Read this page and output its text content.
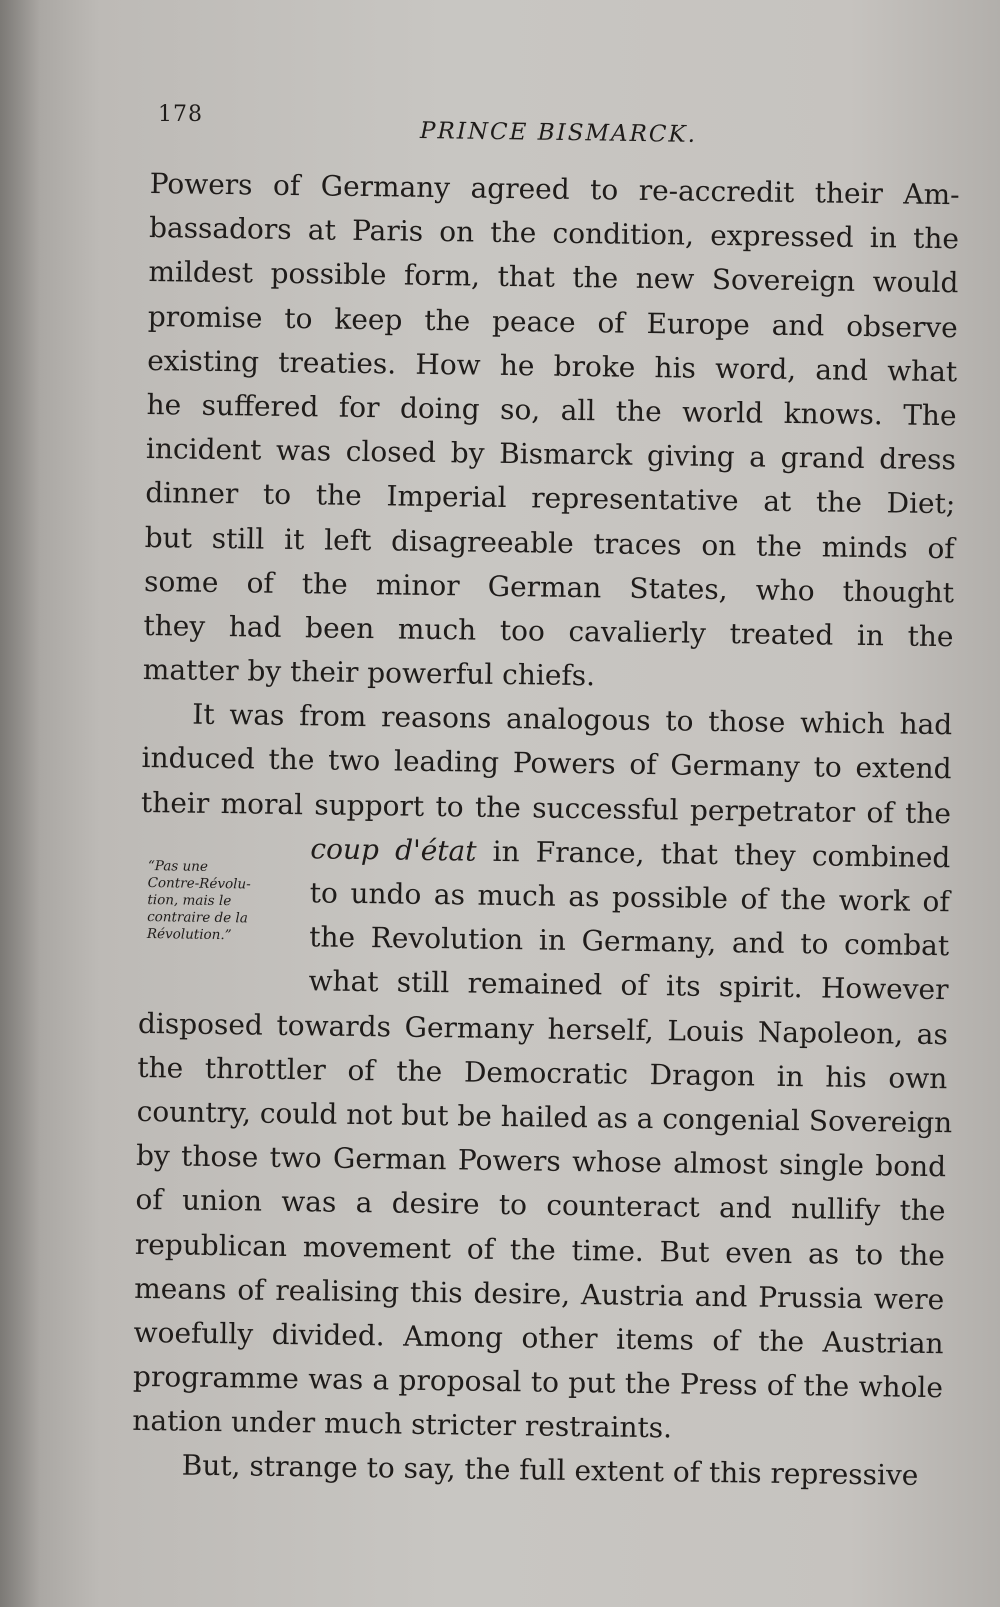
178
PRINCE BISMARCK.
Powers of Germany agreed to re-accredit their Am-
bassadors at Paris on the condition, expressed in the
mildest possible form, that the new Sovereign would
promise to keep the peace of Europe and observe
existing treaties. How he broke his word, and what
he suffered for doing so, all the world knows. The
incident was closed by Bismarck giving a grand dress
dinner to the Imperial representative at the Diet;
but still it left disagreeable traces on the minds of
some of the minor German States, who thought
they had been much too cavalierly treated in the
matter by their powerful chiefs.
It was from reasons analogous to those which had
induced the two leading Powers of Germany to extend
their moral support to the successful perpetrator of the
coup d'état in France, that they combined
to undo as much as possible of the work of
the Revolution in Germany, and to combat
what still remained of its spirit. However
disposed towards Germany herself, Louis Napoleon, as
the throttler of the Democratic Dragon in his own
country, could not but be hailed as a congenial Sovereign
by those two German Powers whose almost single bond
of union was a desire to counteract and nullify the
republican movement of the time. But even as to the
means of realising this desire, Austria and Prussia were
woefully divided. Among other items of the Austrian
programme was a proposal to put the Press of the whole
nation under much stricter restraints.
But, strange to say, the full extent of this repressive
“Pas une
Contre-Révolu-
tion, mais le
contraire de la
Révolution.”
